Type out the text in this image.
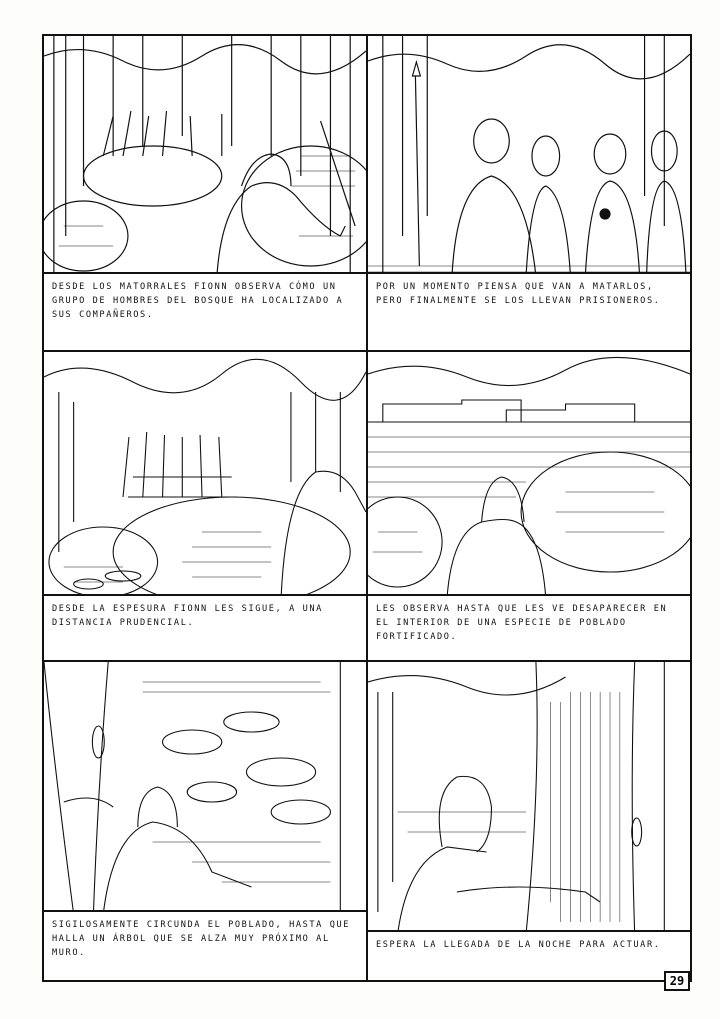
DESDE LOS MATORRALES FIONN OBSERVA CÓMO UN GRUPO DE HOMBRES DEL BOSQUE HA LOCALIZADO A SUS COMPAÑEROS.
POR UN MOMENTO PIENSA QUE VAN A MATARLOS, PERO FINALMENTE SE LOS LLEVAN PRISIONEROS.
DESDE LA ESPESURA FIONN LES SIGUE, A UNA DISTANCIA PRUDENCIAL.
LES OBSERVA HASTA QUE LES VE DESAPARECER EN EL INTERIOR DE UNA ESPECIE DE POBLADO FORTIFICADO.
SIGILOSAMENTE CIRCUNDA EL POBLADO, HASTA QUE HALLA UN ÁRBOL QUE SE ALZA MUY PRÓXIMO AL MURO.
ESPERA LA LLEGADA DE LA NOCHE PARA ACTUAR.
29
